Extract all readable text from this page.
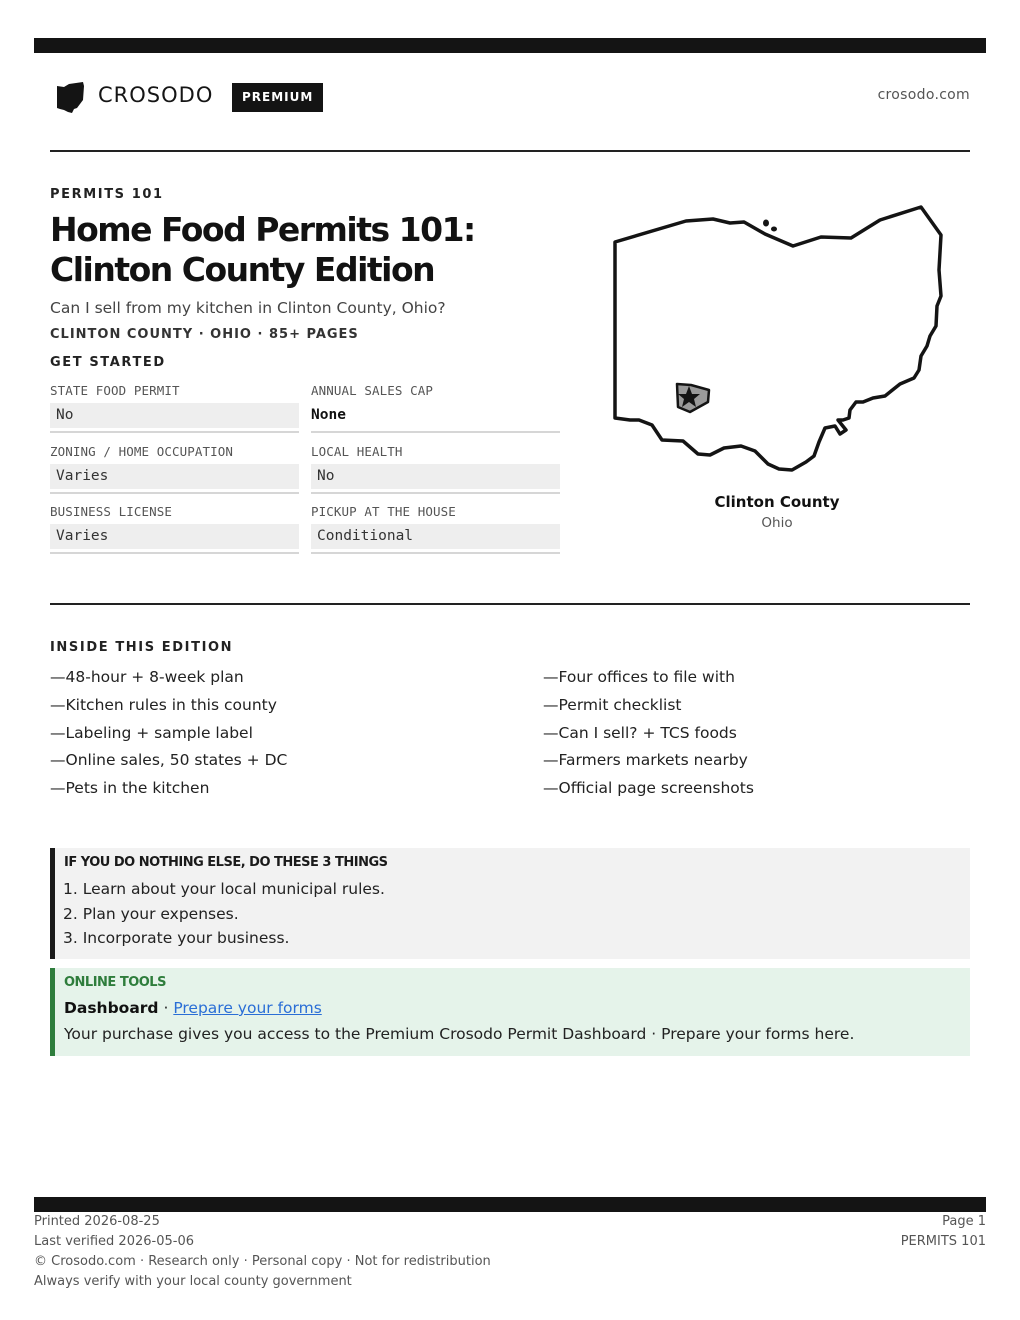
CROSODO	PREMIUM	crosodo.com
PERMITS 101
Home Food Permits 101: Clinton County Edition
Can I sell from my kitchen in Clinton County, Ohio?
CLINTON COUNTY · OHIO · 85+ PAGES
GET STARTED
STATE FOOD PERMIT
No
ANNUAL SALES CAP
None
ZONING / HOME OCCUPATION
Varies
LOCAL HEALTH
No
BUSINESS LICENSE
Varies
PICKUP AT THE HOUSE
Conditional
Clinton County
Ohio
INSIDE THIS EDITION
—48-hour + 8-week plan
—Kitchen rules in this county
—Labeling + sample label
—Online sales, 50 states + DC
—Pets in the kitchen
—Four offices to file with
—Permit checklist
—Can I sell? + TCS foods
—Farmers markets nearby
—Official page screenshots
IF YOU DO NOTHING ELSE, DO THESE 3 THINGS
1. Learn about your local municipal rules.
2. Plan your expenses.
3. Incorporate your business.
ONLINE TOOLS
Dashboard · Prepare your forms
Your purchase gives you access to the Premium Crosodo Permit Dashboard · Prepare your forms here.
Printed 2026-08-25
Last verified 2026-05-06
© Crosodo.com · Research only · Personal copy · Not for redistribution
Always verify with your local county government
Page 1
PERMITS 101
